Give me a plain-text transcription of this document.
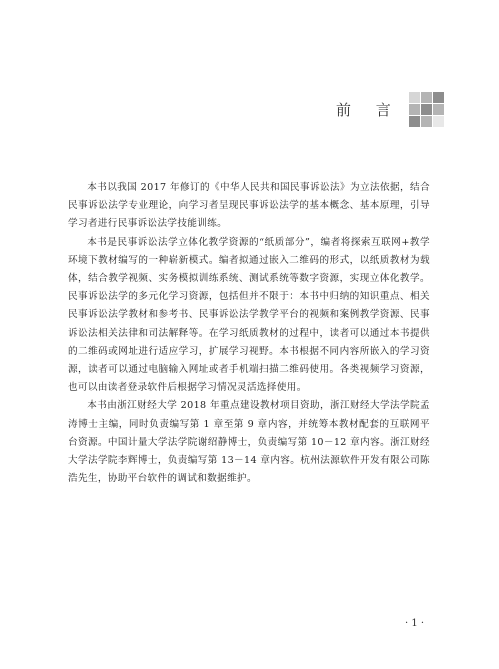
前 言

本书以我国 2017 年修订的《中华人民共和国民事诉讼法》为立法依据，结合民事诉讼法学专业理论，向学习者呈现民事诉讼法学的基本概念、基本原理，引导学习者进行民事诉讼法学技能训练。

本书是民事诉讼法学立体化教学资源的“纸质部分”，编者将探索互联网+教学环境下教材编写的一种崭新模式。编者拟通过嵌入二维码的形式，以纸质教材为载体，结合教学视频、实务模拟训练系统、测试系统等数字资源，实现立体化教学。民事诉讼法学的多元化学习资源，包括但并不限于：本书中归纳的知识重点、相关民事诉讼法学教材和参考书、民事诉讼法学教学平台的视频和案例教学资源、民事诉讼法相关法律和司法解释等。在学习纸质教材的过程中，读者可以通过本书提供的二维码或网址进行适应学习，扩展学习视野。本书根据不同内容所嵌入的学习资源，读者可以通过电脑输入网址或者手机端扫描二维码使用。各类视频学习资源，也可以由读者登录软件后根据学习情况灵活选择使用。

本书由浙江财经大学 2018 年重点建设教材项目资助，浙江财经大学法学院孟涛博士主编，同时负责编写第 1 章至第 9 章内容，并统筹本教材配套的互联网平台资源。中国计量大学法学院谢绍静博士，负责编写第 10－12 章内容。浙江财经大学法学院李辉博士，负责编写第 13－14 章内容。杭州法源软件开发有限公司陈浩先生，协助平台软件的调试和数据维护。

· 1 ·
